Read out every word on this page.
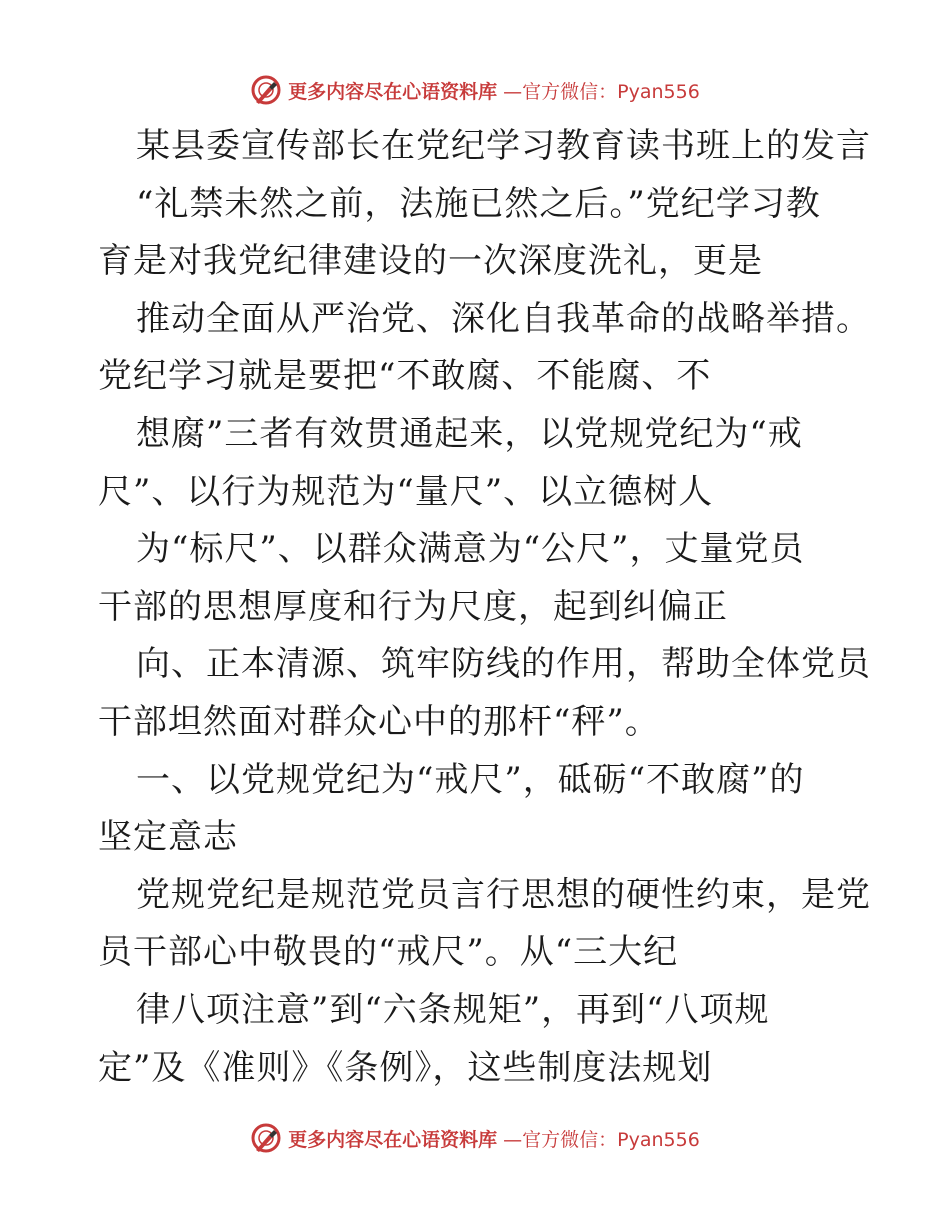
更多内容尽在心语资料库 —官方微信：Pyan556
某县委宣传部长在党纪学习教育读书班上的发言
“礼禁未然之前，法施已然之后。”党纪学习教
育是对我党纪律建设的一次深度洗礼，更是
推动全面从严治党、深化自我革命的战略举措。
党纪学习就是要把“不敢腐、不能腐、不
想腐”三者有效贯通起来，以党规党纪为“戒
尺”、以行为规范为“量尺”、以立德树人
为“标尺”、以群众满意为“公尺”，丈量党员
干部的思想厚度和行为尺度，起到纠偏正
向、正本清源、筑牢防线的作用，帮助全体党员
干部坦然面对群众心中的那杆“秤”。
一、以党规党纪为“戒尺”，砥砺“不敢腐”的
坚定意志
党规党纪是规范党员言行思想的硬性约束，是党
员干部心中敬畏的“戒尺”。从“三大纪
律八项注意”到“六条规矩”，再到“八项规
定”及《准则》《条例》，这些制度法规划
更多内容尽在心语资料库 —官方微信：Pyan556
